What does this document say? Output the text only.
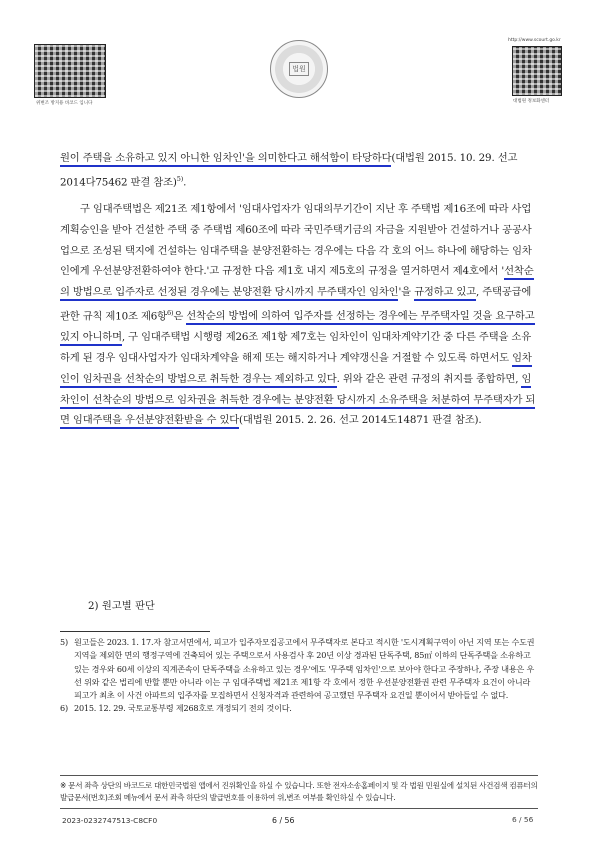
위변조 방지용 바코드 입니다
법원
http://www.scourt.go.kr
대법원 정보화센터

원이 주택을 소유하고 있지 아니한 임차인'을 의미한다고 해석함이 타당하다(대법원 2015. 10. 29. 선고 2014다75462 판결 참조)$^{5)}$.

구 임대주택법은 제21조 제1항에서 '임대사업자가 임대의무기간이 지난 후 주택법 제16조에 따라 사업계획승인을 받아 건설한 주택 중 주택법 제60조에 따라 국민주택기금의 자금을 지원받아 건설하거나 공공사업으로 조성된 택지에 건설하는 임대주택을 분양전환하는 경우에는 다음 각 호의 어느 하나에 해당하는 임차인에게 우선분양전환하여야 한다.'고 규정한 다음 제1호 내지 제5호의 규정을 열거하면서 제4호에서 '선착순의 방법으로 입주자로 선정된 경우에는 분양전환 당시까지 무주택자인 임차인'을 규정하고 있고, 주택공급에 관한 규칙 제10조 제6항$^{6)}$은 선착순의 방법에 의하여 입주자를 선정하는 경우에는 무주택자일 것을 요구하고 있지 아니하며, 구 임대주택법 시행령 제26조 제1항 제7호는 임차인이 임대차계약기간 중 다른 주택을 소유하게 된 경우 임대사업자가 임대차계약을 해제 또는 해지하거나 계약갱신을 거절할 수 있도록 하면서도 임차인이 임차권을 선착순의 방법으로 취득한 경우는 제외하고 있다. 위와 같은 관련 규정의 취지를 종합하면, 임차인이 선착순의 방법으로 임차권을 취득한 경우에는 분양전환 당시까지 소유주택을 처분하여 무주택자가 되면 임대주택을 우선분양전환받을 수 있다(대법원 2015. 2. 26. 선고 2014도14871 판결 참조).

2) 원고별 판단
5) 원고들은 2023. 1. 17.자 참고서면에서, 피고가 입주자모집공고에서 무주택자로 본다고 적시한 '도시계획구역이 아닌 지역 또는 수도권지역을 제외한 면의 행정구역에 건축되어 있는 주택으로서 사용검사 후 20년 이상 경과된 단독주택, 85㎡ 이하의 단독주택을 소유하고 있는 경우와 60세 이상의 직계존속이 단독주택을 소유하고 있는 경우'에도 '무주택 임차인'으로 보아야 한다고 주장하나, 주장 내용은 우선 위와 같은 법리에 반할 뿐만 아니라 이는 구 임대주택법 제21조 제1항 각 호에서 정한 우선분양전환권 관련 무주택자 요건이 아니라 피고가 최초 이 사건 아파트의 입주자를 모집하면서 신청자격과 관련하여 공고했던 무주택자 요건일 뿐이어서 받아들일 수 없다.
6) 2015. 12. 29. 국토교통부령 제268호로 개정되기 전의 것이다.
※ 문서 좌측 상단의 바코드로 대한민국법원 앱에서 진위확인을 하실 수 있습니다. 또한 전자소송홈페이지 및 각 법원 민원실에 설치된 사건검색 컴퓨터의 발급문서(번호)조회 메뉴에서 문서 좌측 하단의 발급번호를 이용하여 위,변조 여부를 확인하실 수 있습니다.
2023-0232747513-C8CF0	6 / 56	6 / 56
